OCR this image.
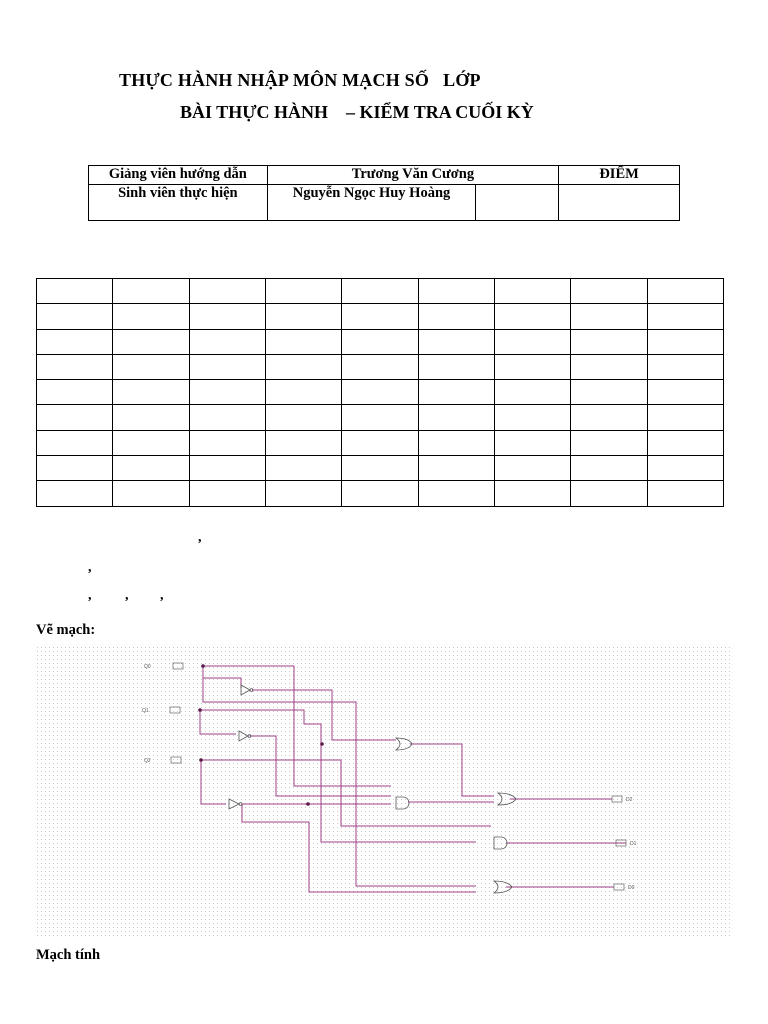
THỰC HÀNH NHẬP MÔN MẠCH SỐ   LỚP
BÀI THỰC HÀNH    – KIỂM TRA CUỐI KỲ
Giảng viên hướng dẫn	Trương Văn Cương		ĐIỂM
Sinh viên thực hiện	Nguyễn Ngọc Huy Hoàng		

,
,
, , ,
Vẽ mạch:
Q0
Q1
Q2
D2
D1
D0
Mạch tính
